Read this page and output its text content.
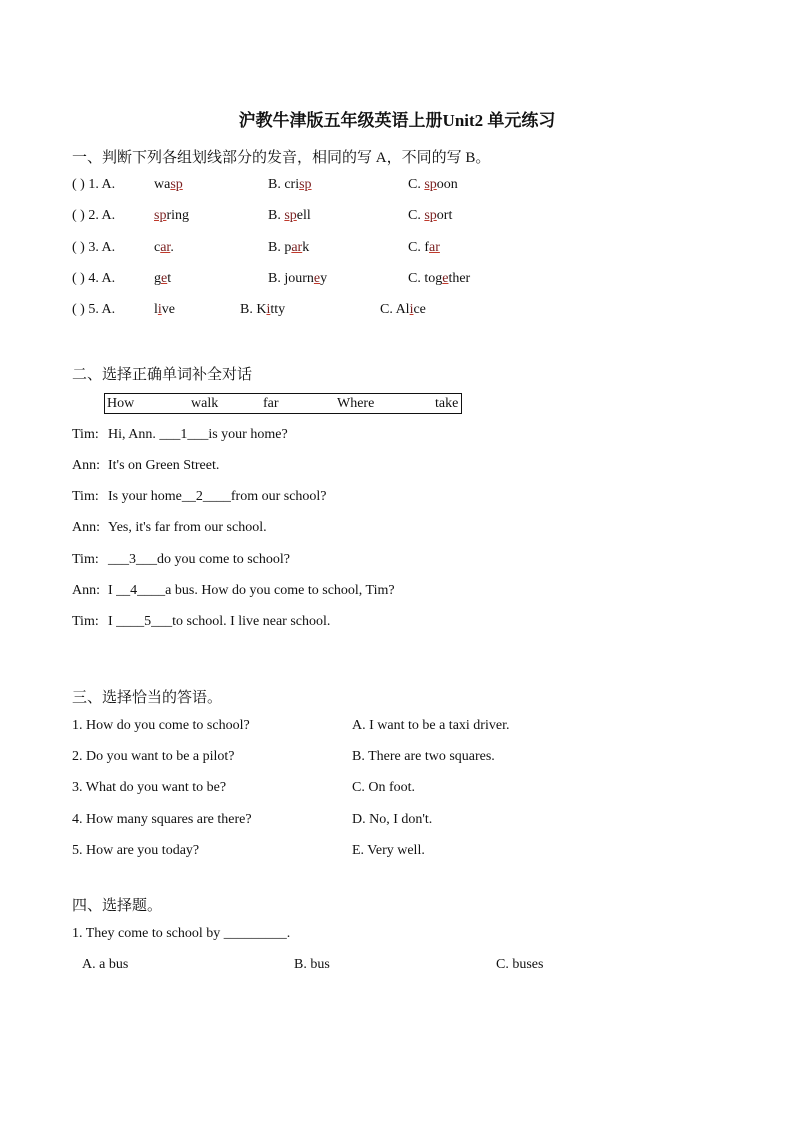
沪教牛津版五年级英语上册Unit2 单元练习
一、判断下列各组划线部分的发音，相同的写 A，不同的写 B。
( ) 1. A.	wasp	B. crisp	C. spoon
( ) 2. A.	spring	B. spell	C. sport
( ) 3. A.	car.	B. park	C. far
( ) 4. A.	get	B. journey	C. together
( ) 5. A.	live	B. Kitty	C. Alice
二、选择正确单词补全对话
How	walk	far	Where	take
Tim: Hi, Ann. ___1___is your home?
Ann: It's on Green Street.
Tim: Is your home__2____from our school?
Ann: Yes, it's far from our school.
Tim: ___3___do you come to school?
Ann: I __4____a bus. How do you come to school, Tim?
Tim: I ____5___to school. I live near school.
三、选择恰当的答语。
1. How do you come to school?	A. I want to be a taxi driver.
2. Do you want to be a pilot?	B. There are two squares.
3. What do you want to be?	C. On foot.
4. How many squares are there?	D. No, I don't.
5. How are you today?	E. Very well.
四、选择题。
1. They come to school by _________.
A. a bus	B. bus	C. buses
